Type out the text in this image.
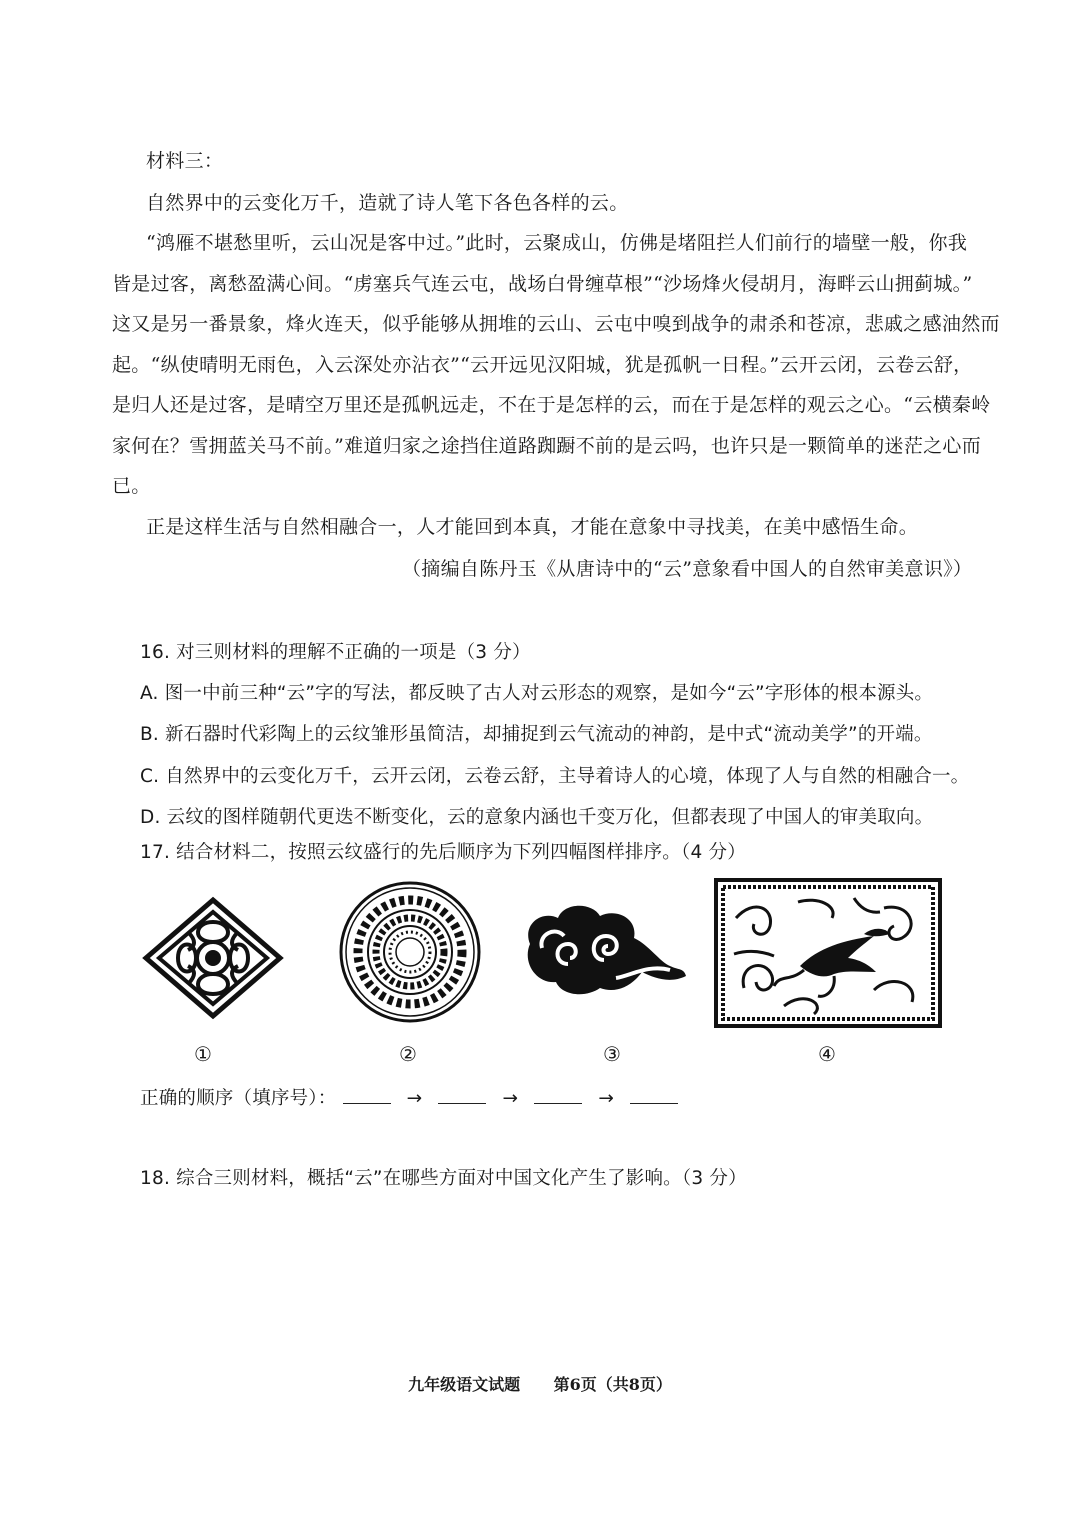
材料三：
自然界中的云变化万千，造就了诗人笔下各色各样的云。
“鸿雁不堪愁里听，云山况是客中过。”此时，云聚成山，仿佛是堵阻拦人们前行的墙壁一般，你我
皆是过客，离愁盈满心间。“虏塞兵气连云屯，战场白骨缠草根”“沙场烽火侵胡月，海畔云山拥蓟城。”
这又是另一番景象，烽火连天，似乎能够从拥堆的云山、云屯中嗅到战争的肃杀和苍凉，悲戚之感油然而
起。“纵使晴明无雨色，入云深处亦沾衣”“云开远见汉阳城，犹是孤帆一日程。”云开云闭，云卷云舒，
是归人还是过客，是晴空万里还是孤帆远走，不在于是怎样的云，而在于是怎样的观云之心。“云横秦岭
家何在？雪拥蓝关马不前。”难道归家之途挡住道路踟蹰不前的是云吗，也许只是一颗简单的迷茫之心而
已。
正是这样生活与自然相融合一，人才能回到本真，才能在意象中寻找美，在美中感悟生命。
（摘编自陈丹玉《从唐诗中的“云”意象看中国人的自然审美意识》）
16. 对三则材料的理解不正确的一项是（3 分）
A. 图一中前三种“云”字的写法，都反映了古人对云形态的观察，是如今“云”字形体的根本源头。
B. 新石器时代彩陶上的云纹雏形虽简洁，却捕捉到云气流动的神韵，是中式“流动美学”的开端。
C. 自然界中的云变化万千，云开云闭，云卷云舒，主导着诗人的心境，体现了人与自然的相融合一。
D. 云纹的图样随朝代更迭不断变化，云的意象内涵也千变万化，但都表现了中国人的审美取向。
17. 结合材料二，按照云纹盛行的先后顺序为下列四幅图样排序。（4 分）
①	②	③	④
正确的顺序（填序号）：	→	→	→
18. 综合三则材料，概括“云”在哪些方面对中国文化产生了影响。（3 分）
九年级语文试题 第6页（共8页）
